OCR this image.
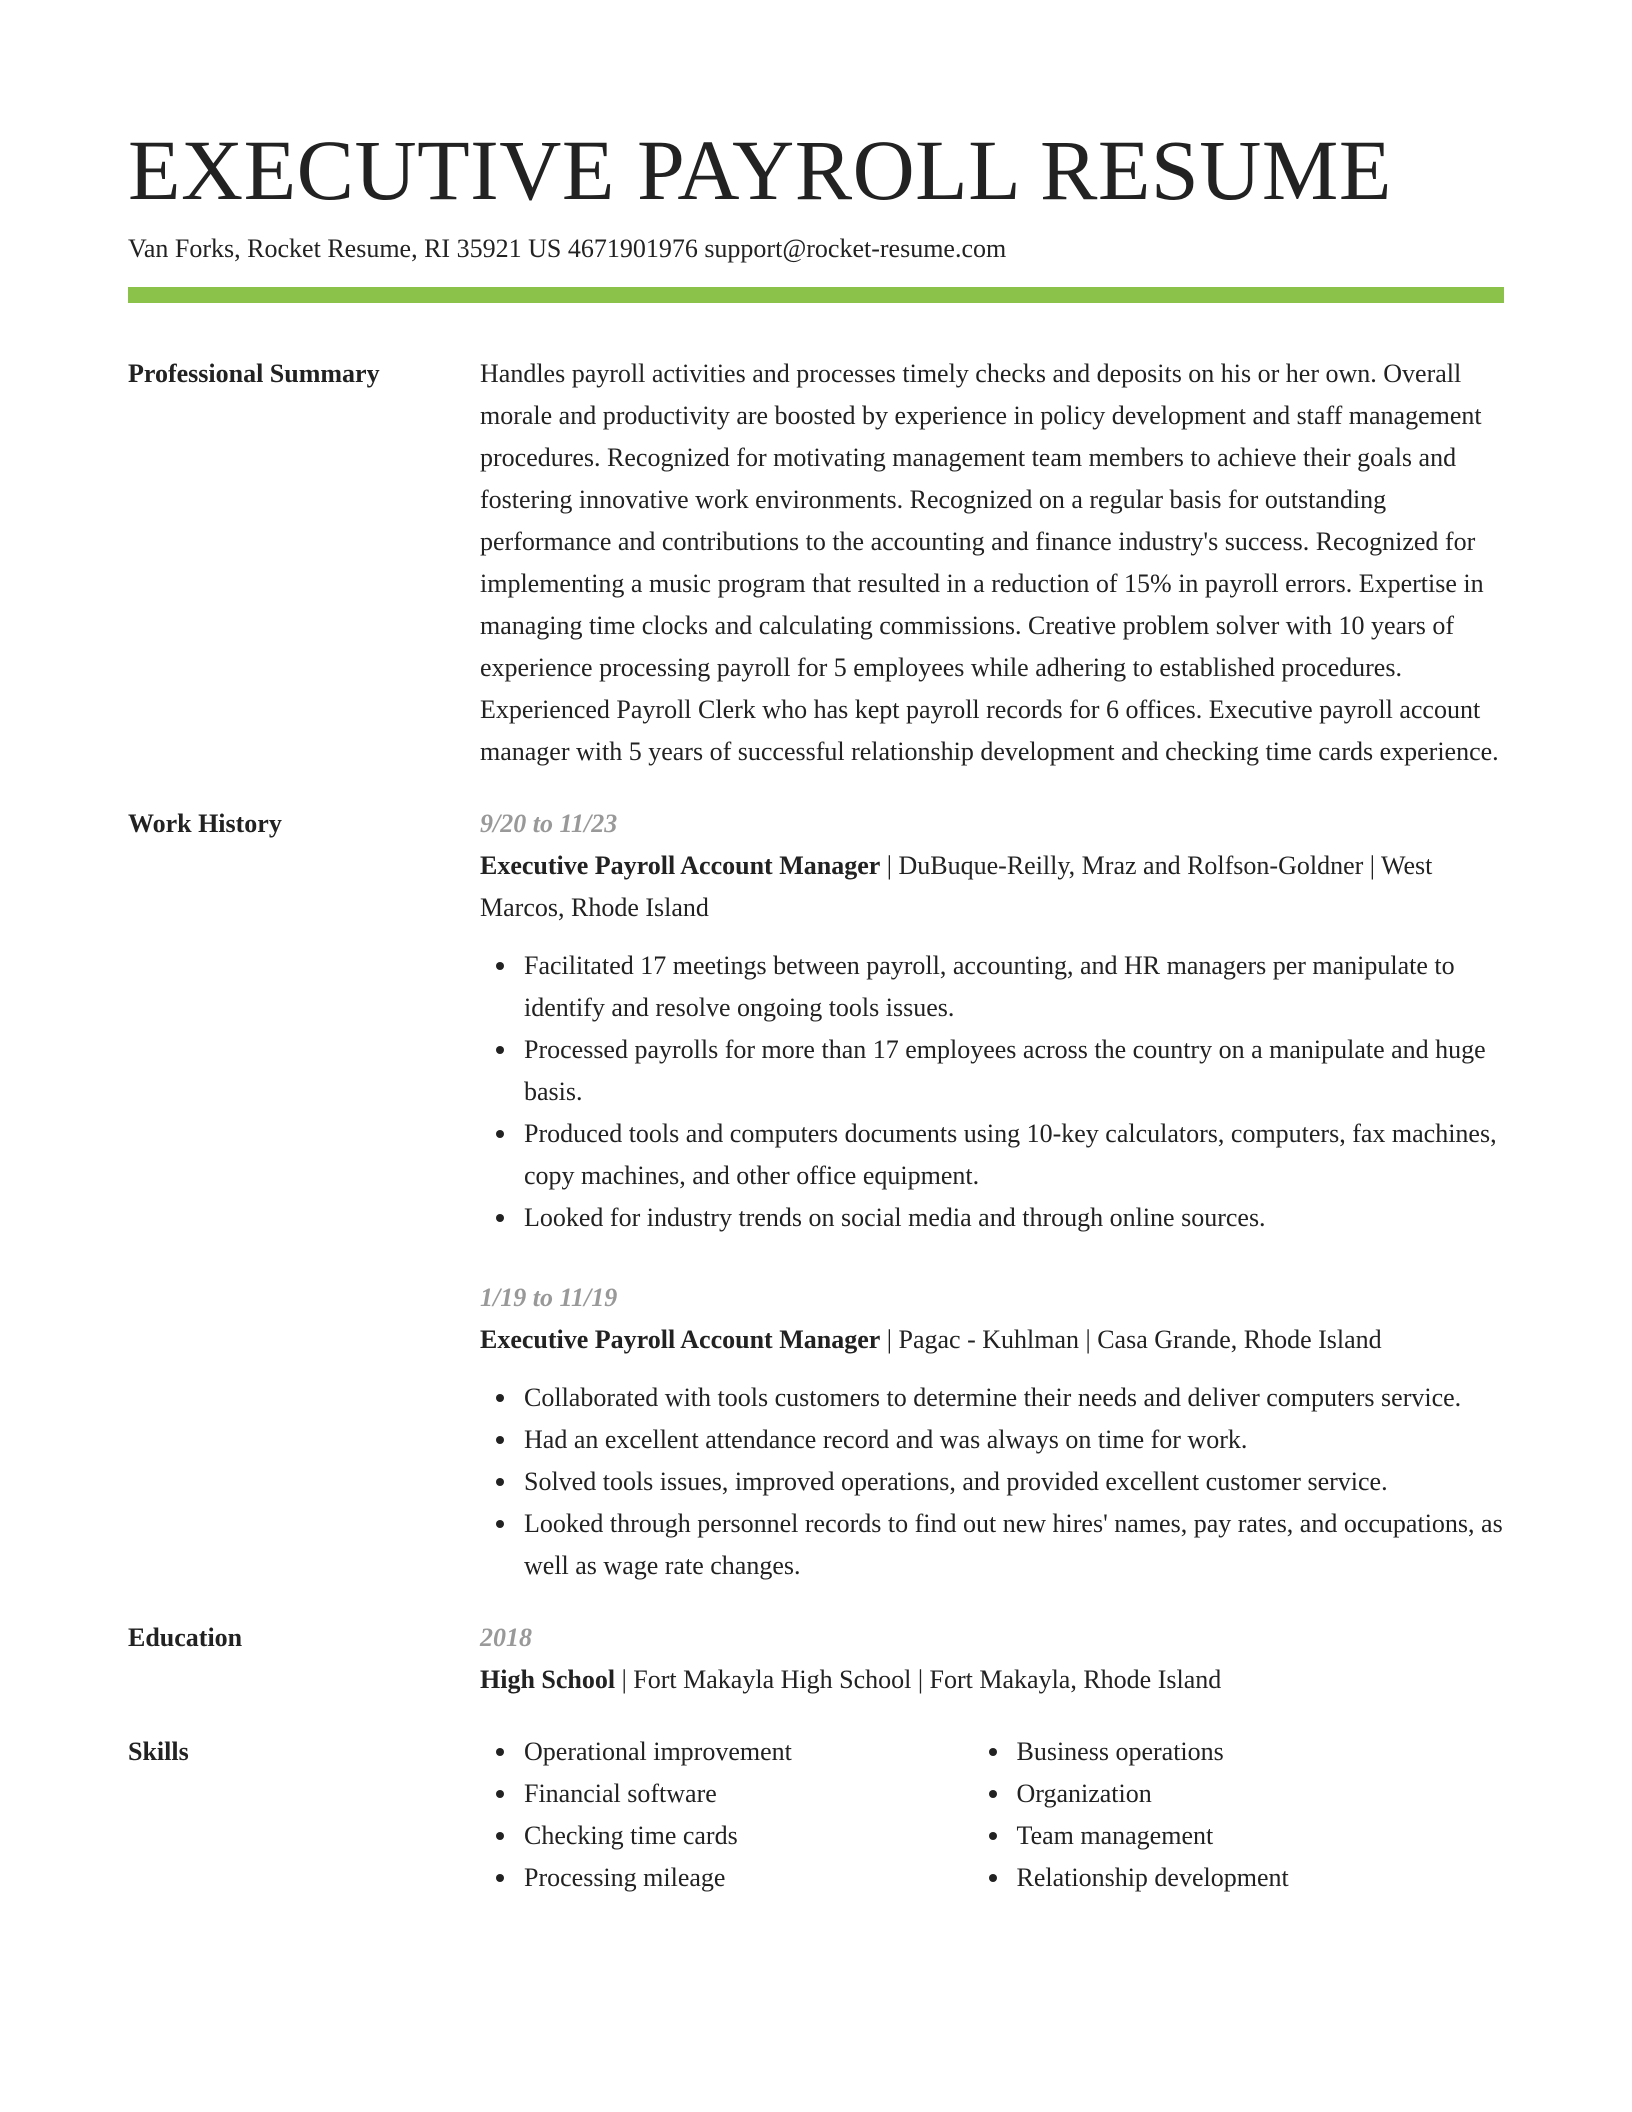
EXECUTIVE PAYROLL RESUME
Van Forks, Rocket Resume, RI 35921 US 4671901976 support@rocket-resume.com
Professional Summary	Handles payroll activities and processes timely checks and deposits on his or her own. Overall morale and productivity are boosted by experience in policy development and staff management procedures. Recognized for motivating management team members to achieve their goals and fostering innovative work environments. Recognized on a regular basis for outstanding performance and contributions to the accounting and finance industry's success. Recognized for implementing a music program that resulted in a reduction of 15% in payroll errors. Expertise in managing time clocks and calculating commissions. Creative problem solver with 10 years of experience processing payroll for 5 employees while adhering to established procedures. Experienced Payroll Clerk who has kept payroll records for 6 offices. Executive payroll account manager with 5 years of successful relationship development and checking time cards experience.

Work History	9/20 to 11/23

Executive Payroll Account Manager | DuBuque-Reilly, Mraz and Rolfson-Goldner | West Marcos, Rhode Island

Facilitated 17 meetings between payroll, accounting, and HR managers per manipulate to identify and resolve ongoing tools issues.
Processed payrolls for more than 17 employees across the country on a manipulate and huge basis.
Produced tools and computers documents using 10-key calculators, computers, fax machines, copy machines, and other office equipment.
Looked for industry trends on social media and through online sources.
1/19 to 11/19

Executive Payroll Account Manager | Pagac - Kuhlman | Casa Grande, Rhode Island

Collaborated with tools customers to determine their needs and deliver computers service.
Had an excellent attendance record and was always on time for work.
Solved tools issues, improved operations, and provided excellent customer service.
Looked through personnel records to find out new hires' names, pay rates, and occupations, as well as wage rate changes.
Education	2018

High School | Fort Makayla High School | Fort Makayla, Rhode Island

Skills	Operational improvement
Financial software
Checking time cards
Processing mileage
Business operations
Organization
Team management
Relationship development
